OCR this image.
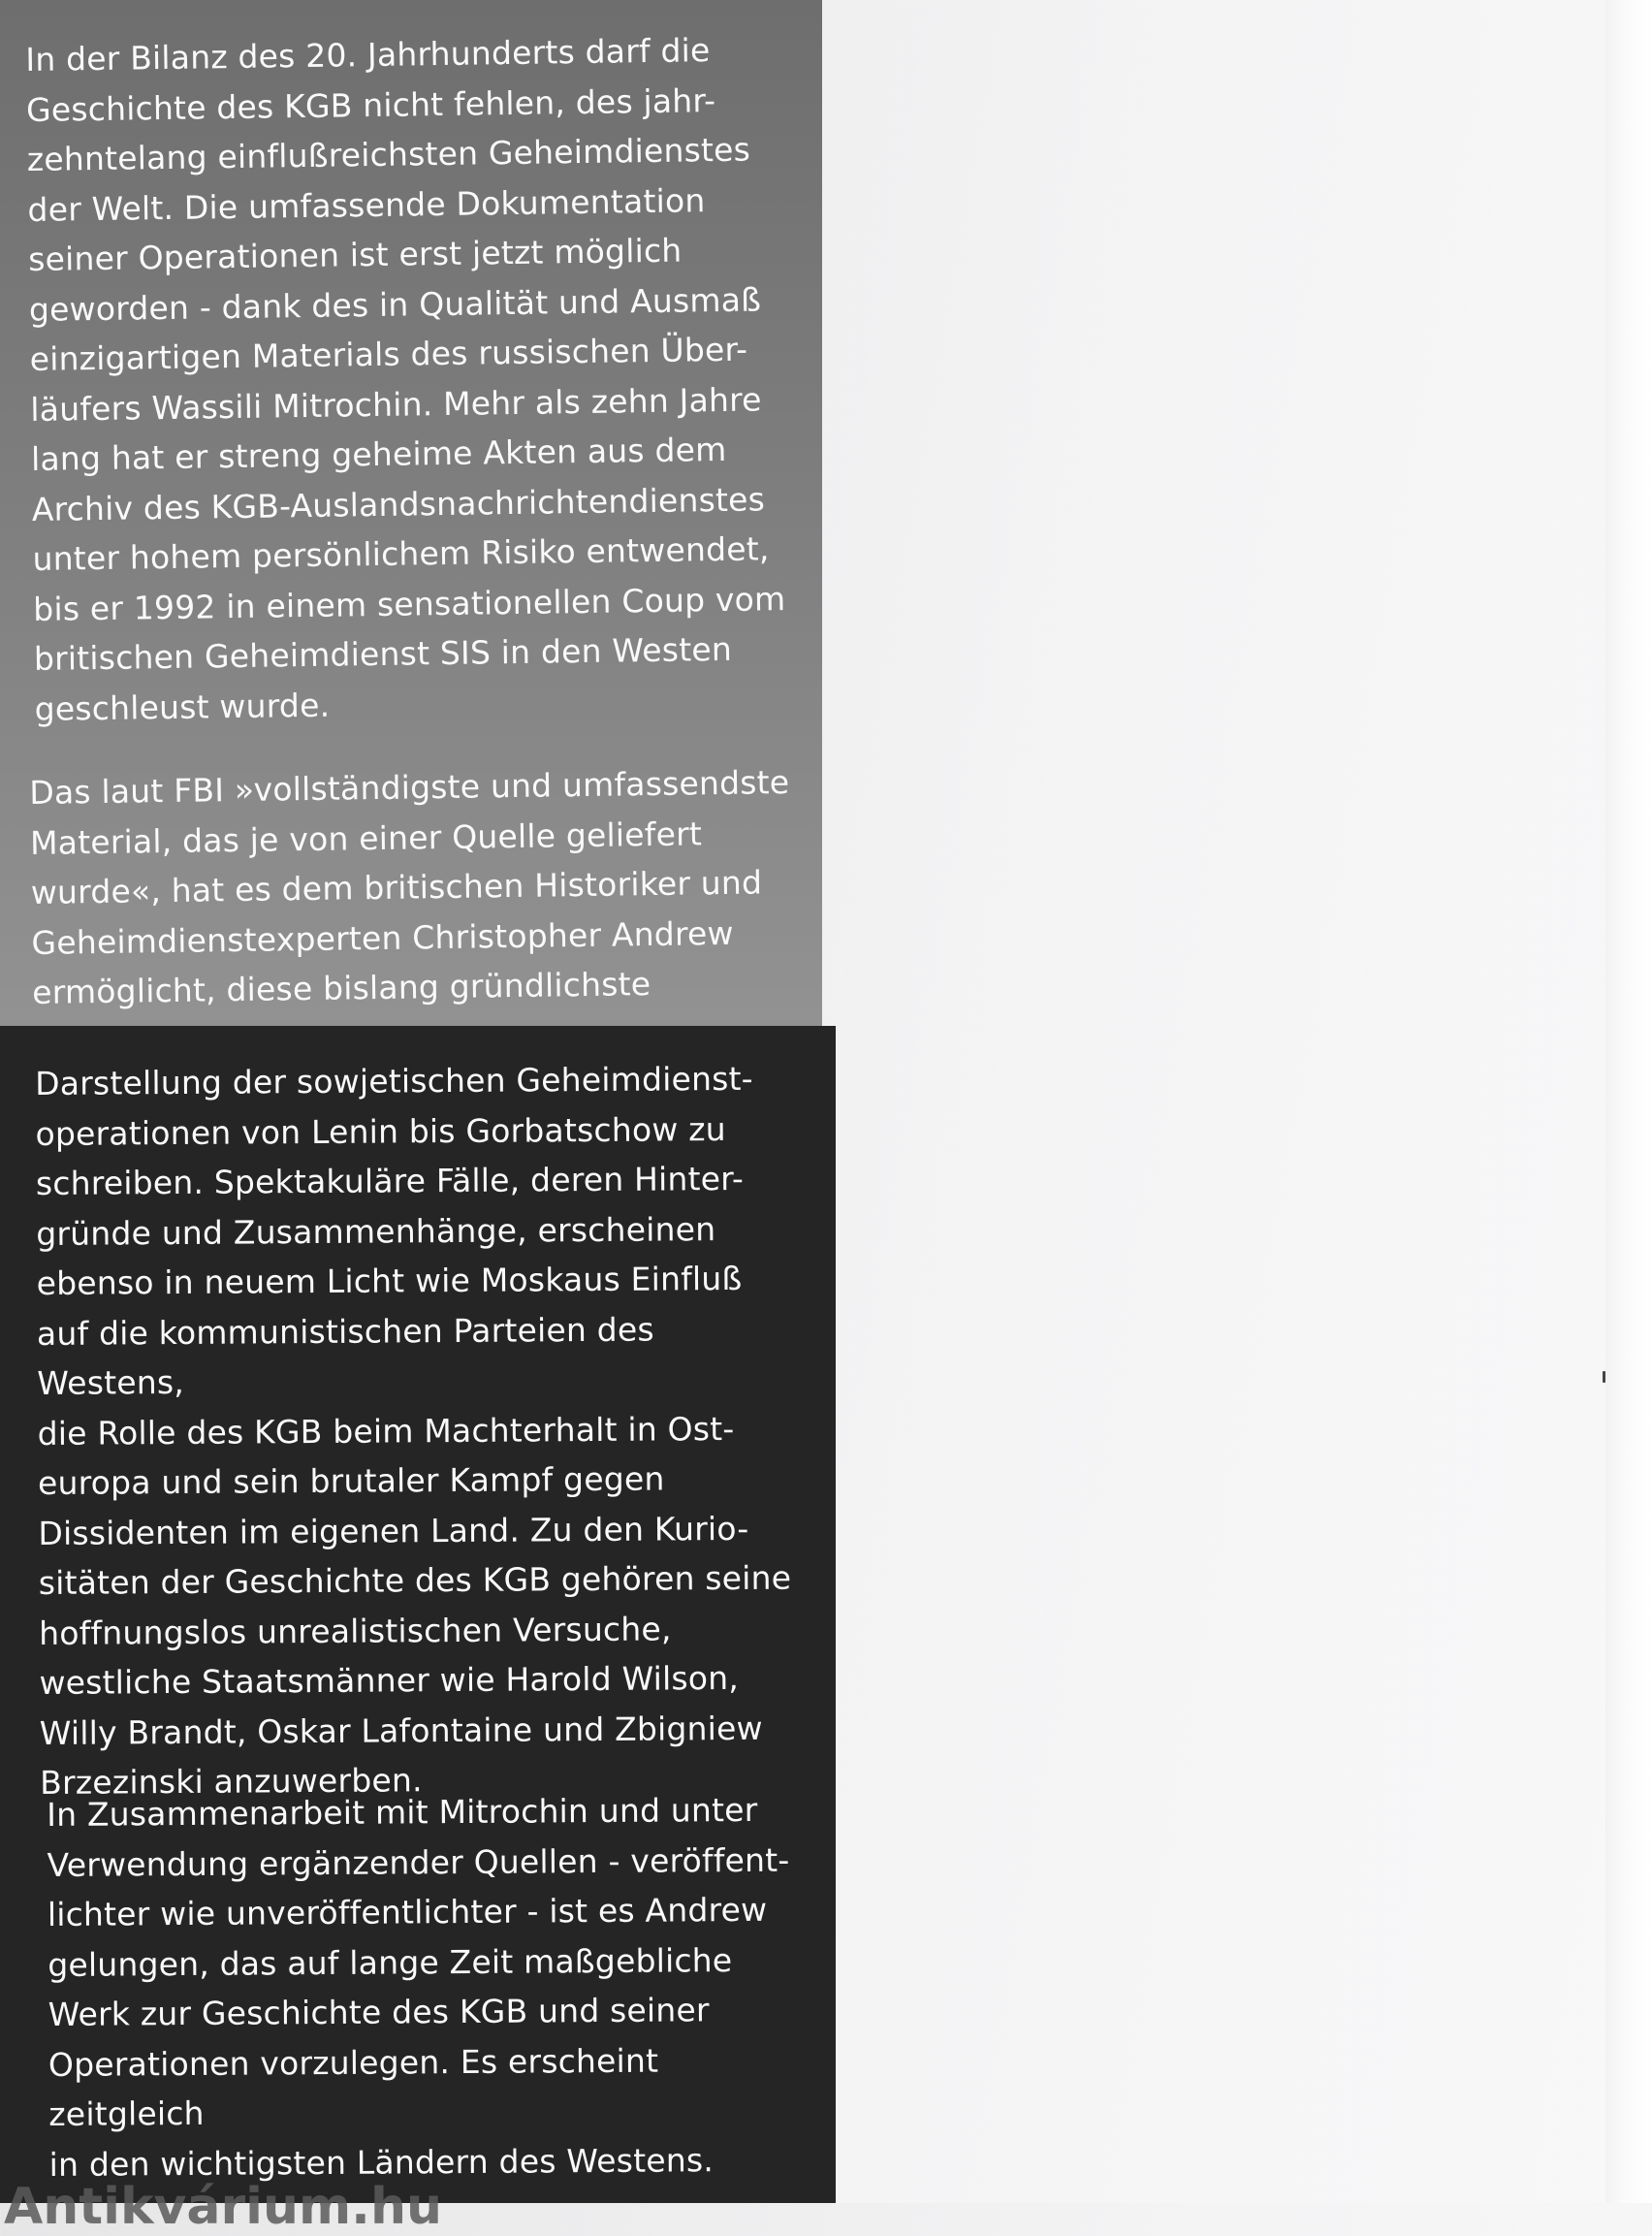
In der Bilanz des 20. Jahrhunderts darf die
Geschichte des KGB nicht fehlen, des jahr-
zehntelang einflußreichsten Geheimdienstes
der Welt. Die umfassende Dokumentation
seiner Operationen ist erst jetzt möglich
geworden - dank des in Qualität und Ausmaß
einzigartigen Materials des russischen Über-
läufers Wassili Mitrochin. Mehr als zehn Jahre
lang hat er streng geheime Akten aus dem
Archiv des KGB-Auslandsnachrichtendienstes
unter hohem persönlichem Risiko entwendet,
bis er 1992 in einem sensationellen Coup vom
britischen Geheimdienst SIS in den Westen
geschleust wurde.
Das laut FBI »vollständigste und umfassendste
Material, das je von einer Quelle geliefert
wurde«, hat es dem britischen Historiker und
Geheimdienstexperten Christopher Andrew
ermöglicht, diese bislang gründlichste
Darstellung der sowjetischen Geheimdienst-
operationen von Lenin bis Gorbatschow zu
schreiben. Spektakuläre Fälle, deren Hinter-
gründe und Zusammenhänge, erscheinen
ebenso in neuem Licht wie Moskaus Einfluß
auf die kommunistischen Parteien des Westens,
die Rolle des KGB beim Machterhalt in Ost-
europa und sein brutaler Kampf gegen
Dissidenten im eigenen Land. Zu den Kurio-
sitäten der Geschichte des KGB gehören seine
hoffnungslos unrealistischen Versuche,
westliche Staatsmänner wie Harold Wilson,
Willy Brandt, Oskar Lafontaine und Zbigniew
Brzezinski anzuwerben.
In Zusammenarbeit mit Mitrochin und unter
Verwendung ergänzender Quellen - veröffent-
lichter wie unveröffentlichter - ist es Andrew
gelungen, das auf lange Zeit maßgebliche
Werk zur Geschichte des KGB und seiner
Operationen vorzulegen. Es erscheint zeitgleich
in den wichtigsten Ländern des Westens.
Antikvárium.hu
